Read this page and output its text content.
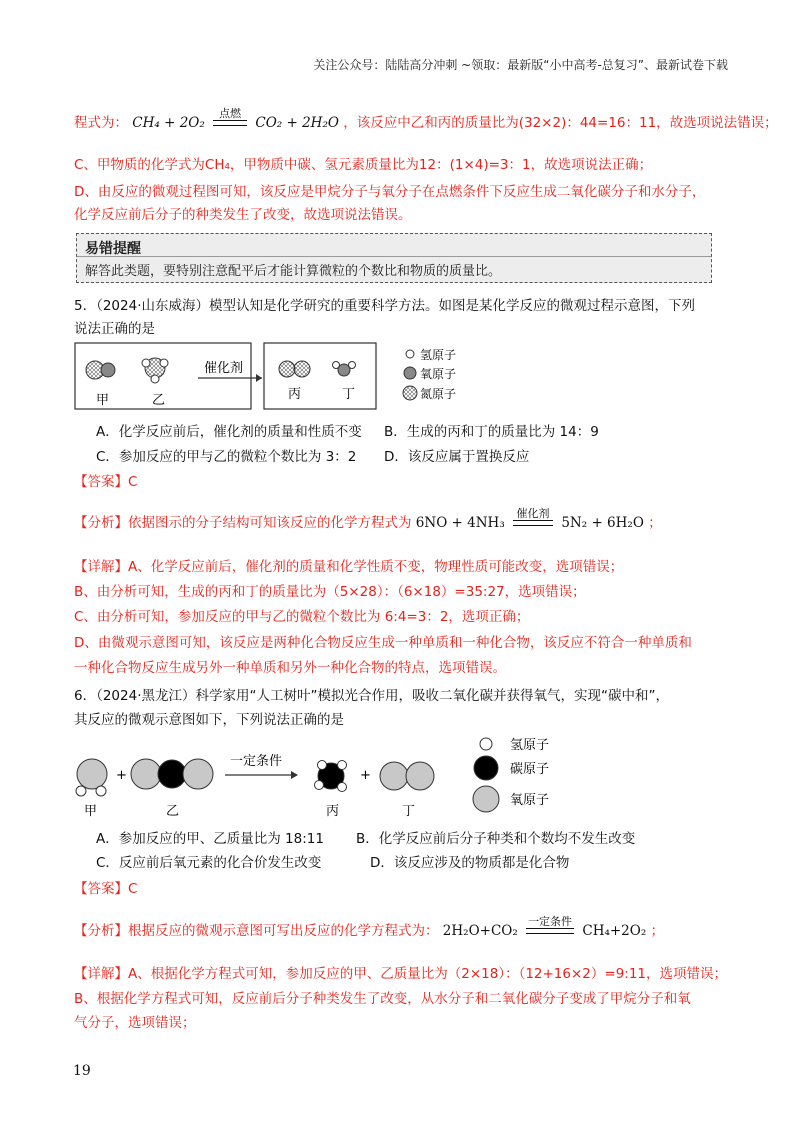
关注公众号：陆陆高分冲刺 ~领取：最新版“小中高考-总复习”、最新试卷下载
程式为： CH₄ + 2O₂
点燃
CO₂ + 2H₂O ，该反应中乙和丙的质量比为(32×2)：44=16：11，故选项说法错误；
C、甲物质的化学式为CH₄，甲物质中碳、氢元素质量比为12：(1×4)=3：1，故选项说法正确；
D、由反应的微观过程图可知，该反应是甲烷分子与氧分子在点燃条件下反应生成二氧化碳分子和水分子，
化学反应前后分子的种类发生了改变，故选项说法错误。
易错提醒
解答此类题，要特别注意配平后才能计算微粒的个数比和物质的质量比。
5．（2024·山东威海）模型认知是化学研究的重要科学方法。如图是某化学反应的微观过程示意图，下列
说法正确的是
甲	乙
催化剂
丙	丁
氢原子
氧原子
氮原子
A．化学反应前后，催化剂的质量和性质不变 B．生成的丙和丁的质量比为 14：9
C．参加反应的甲与乙的微粒个数比为 3：2 D．该反应属于置换反应
【答案】C
【分析】依据图示的分子结构可知该反应的化学方程式为 6NO + 4NH₃
催化剂
5N₂ + 6H₂O ；
【详解】A、化学反应前后，催化剂的质量和化学性质不变，物理性质可能改变，选项错误；
B、由分析可知，生成的丙和丁的质量比为（5×28）：（6×18）=35:27，选项错误；
C、由分析可知，参加反应的甲与乙的微粒个数比为 6:4=3：2，选项正确；
D、由微观示意图可知，该反应是两种化合物反应生成一种单质和一种化合物，该反应不符合一种单质和
一种化合物反应生成另外一种单质和另外一种化合物的特点，选项错误。
6．（2024·黑龙江）科学家用“人工树叶”模拟光合作用，吸收二氧化碳并获得氧气，实现“碳中和”，
其反应的微观示意图如下，下列说法正确的是
甲
+
乙
一定条件
丙
+
丁
氢原子
碳原子
氧原子
A．参加反应的甲、乙质量比为 18:11 B．化学反应前后分子种类和个数均不发生改变
C．反应前后氧元素的化合价发生改变	D．该反应涉及的物质都是化合物
【答案】C
【分析】根据反应的微观示意图可写出反应的化学方程式为： 2H₂O+CO₂
一定条件
CH₄+2O₂ ；
【详解】A、根据化学方程式可知，参加反应的甲、乙质量比为（2×18）：（12+16×2）=9:11，选项错误；
B、根据化学方程式可知，反应前后分子种类发生了改变，从水分子和二氧化碳分子变成了甲烷分子和氧
气分子，选项错误；
19
